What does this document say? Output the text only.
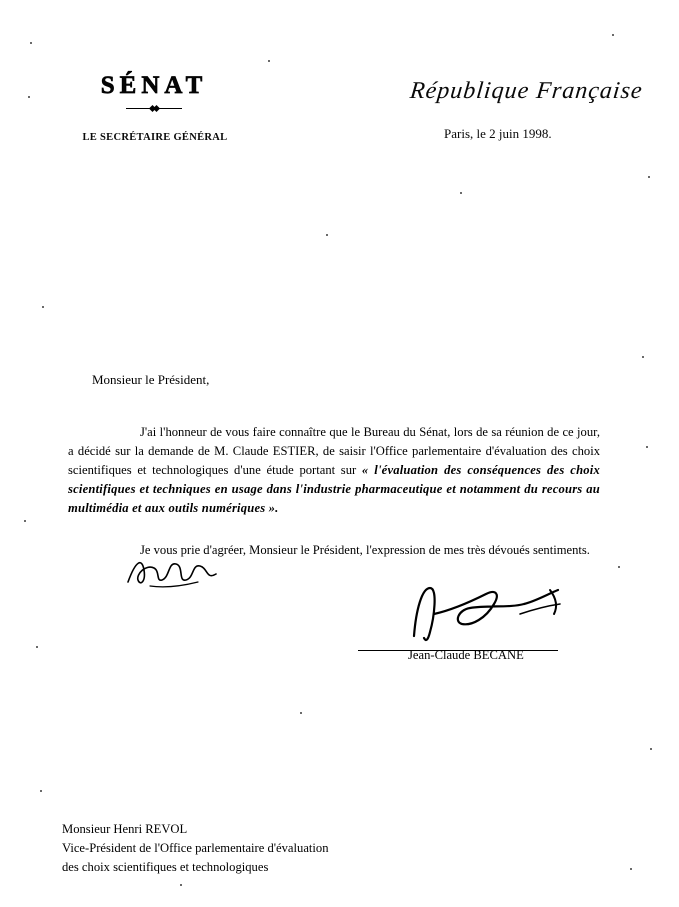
SÉNAT
LE SECRÉTAIRE GÉNÉRAL
République Française
Paris, le 2 juin 1998.
Monsieur le Président,

J'ai l'honneur de vous faire connaître que le Bureau du Sénat, lors de sa réunion de ce jour, a décidé sur la demande de M. Claude ESTIER, de saisir l'Office parlementaire d'évaluation des choix scientifiques et technologiques d'une étude portant sur « l'évaluation des conséquences des choix scientifiques et techniques en usage dans l'industrie pharmaceutique et notamment du recours au multimédia et aux outils numériques ».

Je vous prie d'agréer, Monsieur le Président, l'expression de mes très dévoués sentiments.

Jean-Claude BECANE
Monsieur Henri REVOL
Vice-Président de l'Office parlementaire d'évaluation
des choix scientifiques et technologiques
